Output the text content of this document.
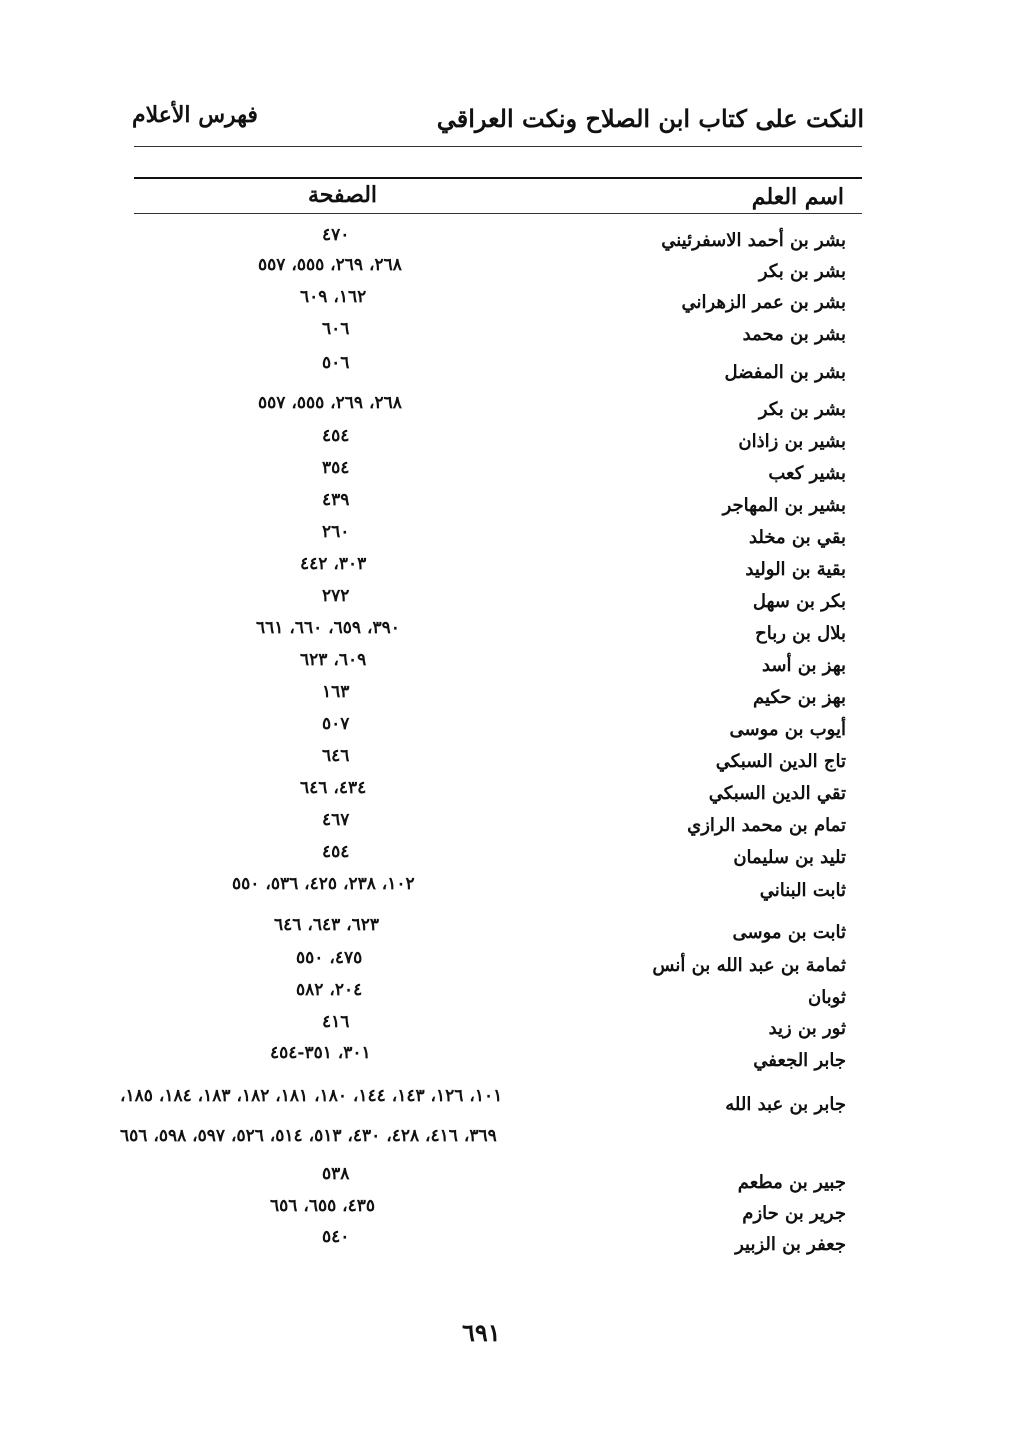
النكت على كتاب ابن الصلاح ونكت العراقي
فهرس الأعلام
اسم العلم
الصفحة
بشر بن أحمد الاسفرئيني
٤٧٠
بشر بن بكر
٢٦٨، ٢٦٩، ٥٥٥، ٥٥٧
بشر بن عمر الزهراني
١٦٢، ٦٠٩
بشر بن محمد
٦٠٦
بشر بن المفضل
٥٠٦
بشر بن بكر
٢٦٨، ٢٦٩، ٥٥٥، ٥٥٧
بشير بن زاذان
٤٥٤
بشير كعب
٣٥٤
بشير بن المهاجر
٤٣٩
بقي بن مخلد
٢٦٠
بقية بن الوليد
٣٠٣، ٤٤٢
بكر بن سهل
٢٧٢
بلال بن رباح
٣٩٠، ٦٥٩، ٦٦٠، ٦٦١
بهز بن أسد
٦٠٩، ٦٢٣
بهز بن حكيم
١٦٣
أيوب بن موسى
٥٠٧
تاج الدين السبكي
٦٤٦
تقي الدين السبكي
٤٣٤، ٦٤٦
تمام بن محمد الرازي
٤٦٧
تليد بن سليمان
٤٥٤
ثابت البناني
١٠٢، ٢٣٨، ٤٢٥، ٥٣٦، ٥٥٠
ثابت بن موسى
٦٢٣، ٦٤٣، ٦٤٦
ثمامة بن عبد الله بن أنس
٤٧٥، ٥٥٠
ثوبان
٢٠٤، ٥٨٢
ثور بن زيد
٤١٦
جابر الجعفي
٣٠١، ٣٥١-٤٥٤
جابر بن عبد الله
١٠١، ١٢٦، ١٤٣، ١٤٤، ١٨٠، ١٨١، ١٨٢، ١٨٣، ١٨٤، ١٨٥،
٣٦٩، ٤١٦، ٤٢٨، ٤٣٠، ٥١٣، ٥١٤، ٥٢٦، ٥٩٧، ٥٩٨، ٦٥٦
جبير بن مطعم
٥٣٨
جرير بن حازم
٤٣٥، ٦٥٥، ٦٥٦
جعفر بن الزبير
٥٤٠
٦٩١
